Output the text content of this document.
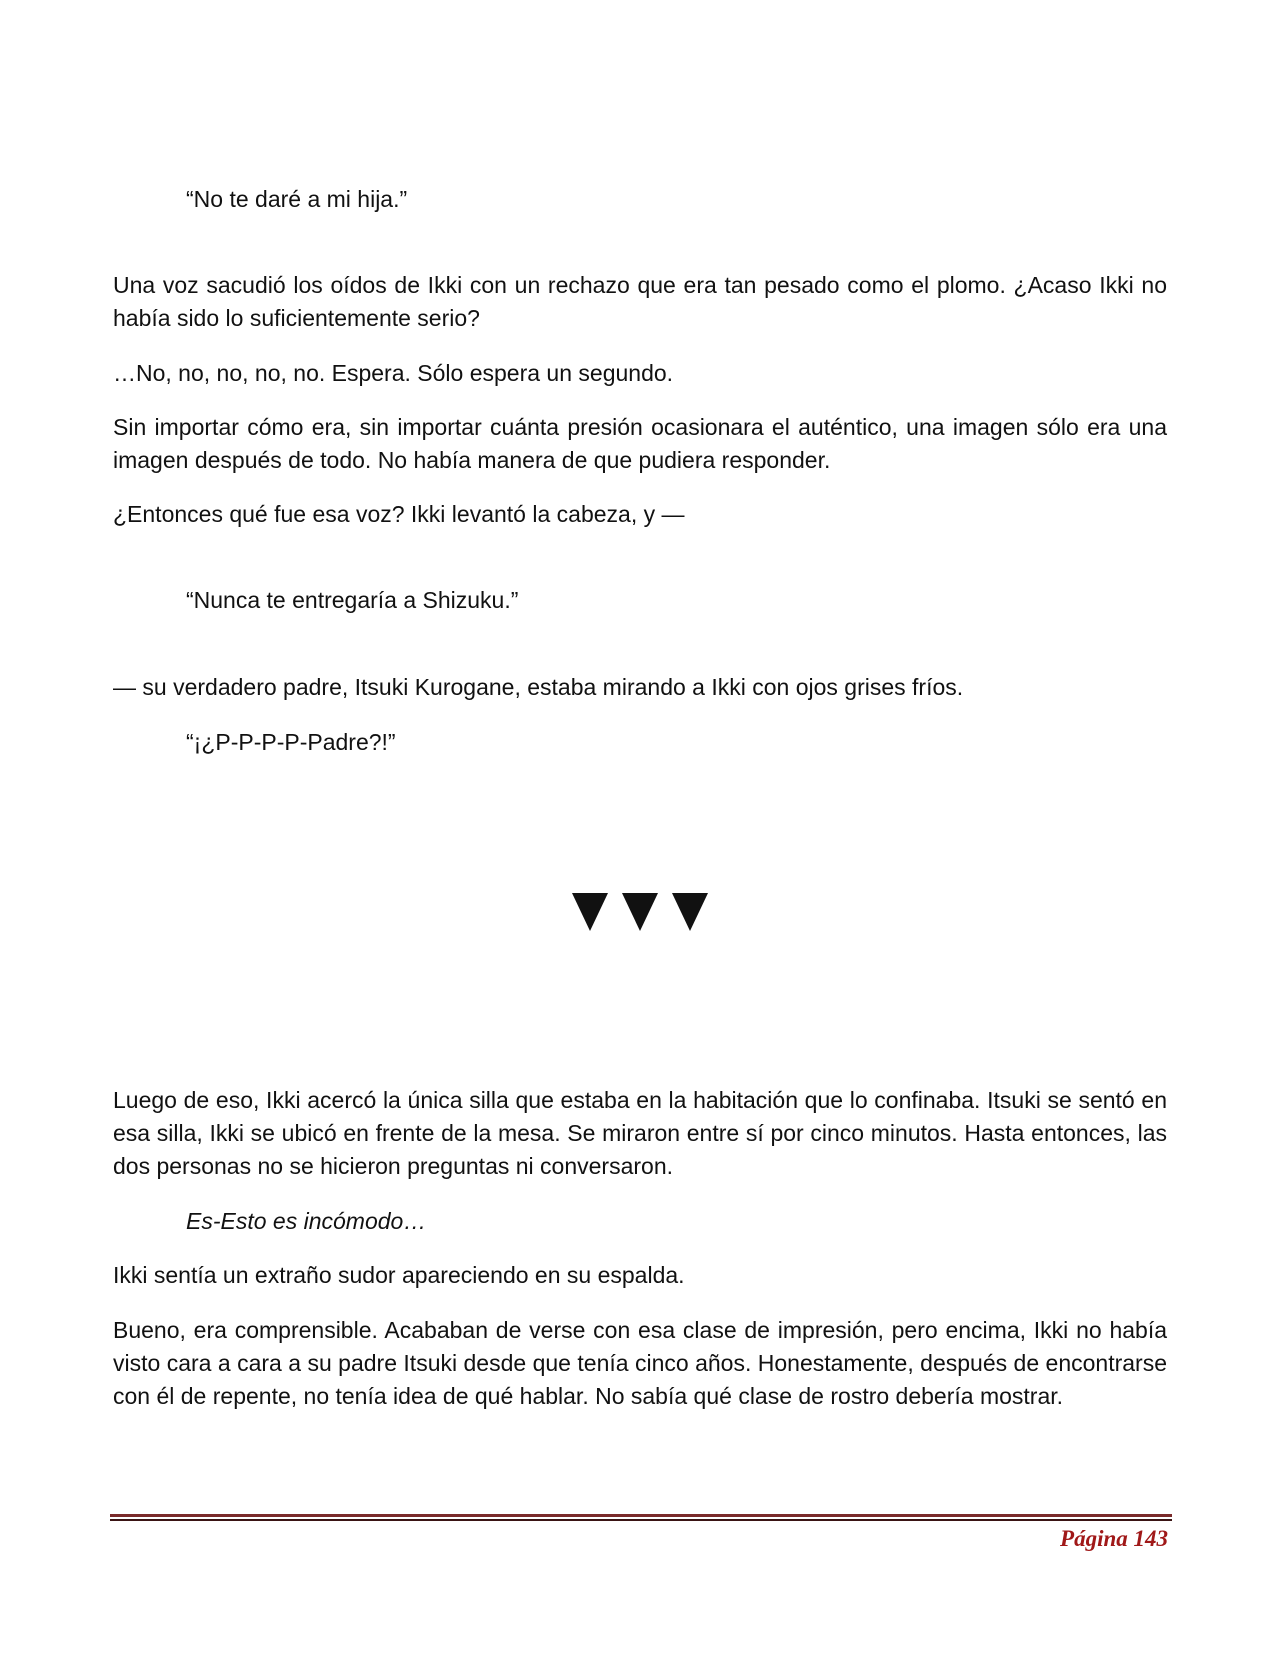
“No te daré a mi hija.”

Una voz sacudió los oídos de Ikki con un rechazo que era tan pesado como el plomo. ¿Acaso Ikki no había sido lo suficientemente serio?

…No, no, no, no, no. Espera. Sólo espera un segundo.

Sin importar cómo era, sin importar cuánta presión ocasionara el auténtico, una imagen sólo era una imagen después de todo. No había manera de que pudiera responder.

¿Entonces qué fue esa voz? Ikki levantó la cabeza, y —

“Nunca te entregaría a Shizuku.”

— su verdadero padre, Itsuki Kurogane, estaba mirando a Ikki con ojos grises fríos.

“¡¿P-P-P-P-Padre?!”

Luego de eso, Ikki acercó la única silla que estaba en la habitación que lo confinaba. Itsuki se sentó en esa silla, Ikki se ubicó en frente de la mesa. Se miraron entre sí por cinco minutos. Hasta entonces, las dos personas no se hicieron preguntas ni conversaron.

Es-Esto es incómodo…

Ikki sentía un extraño sudor apareciendo en su espalda.

Bueno, era comprensible. Acababan de verse con esa clase de impresión, pero encima, Ikki no había visto cara a cara a su padre Itsuki desde que tenía cinco años. Honestamente, después de encontrarse con él de repente, no tenía idea de qué hablar. No sabía qué clase de rostro debería mostrar.

Página 143
